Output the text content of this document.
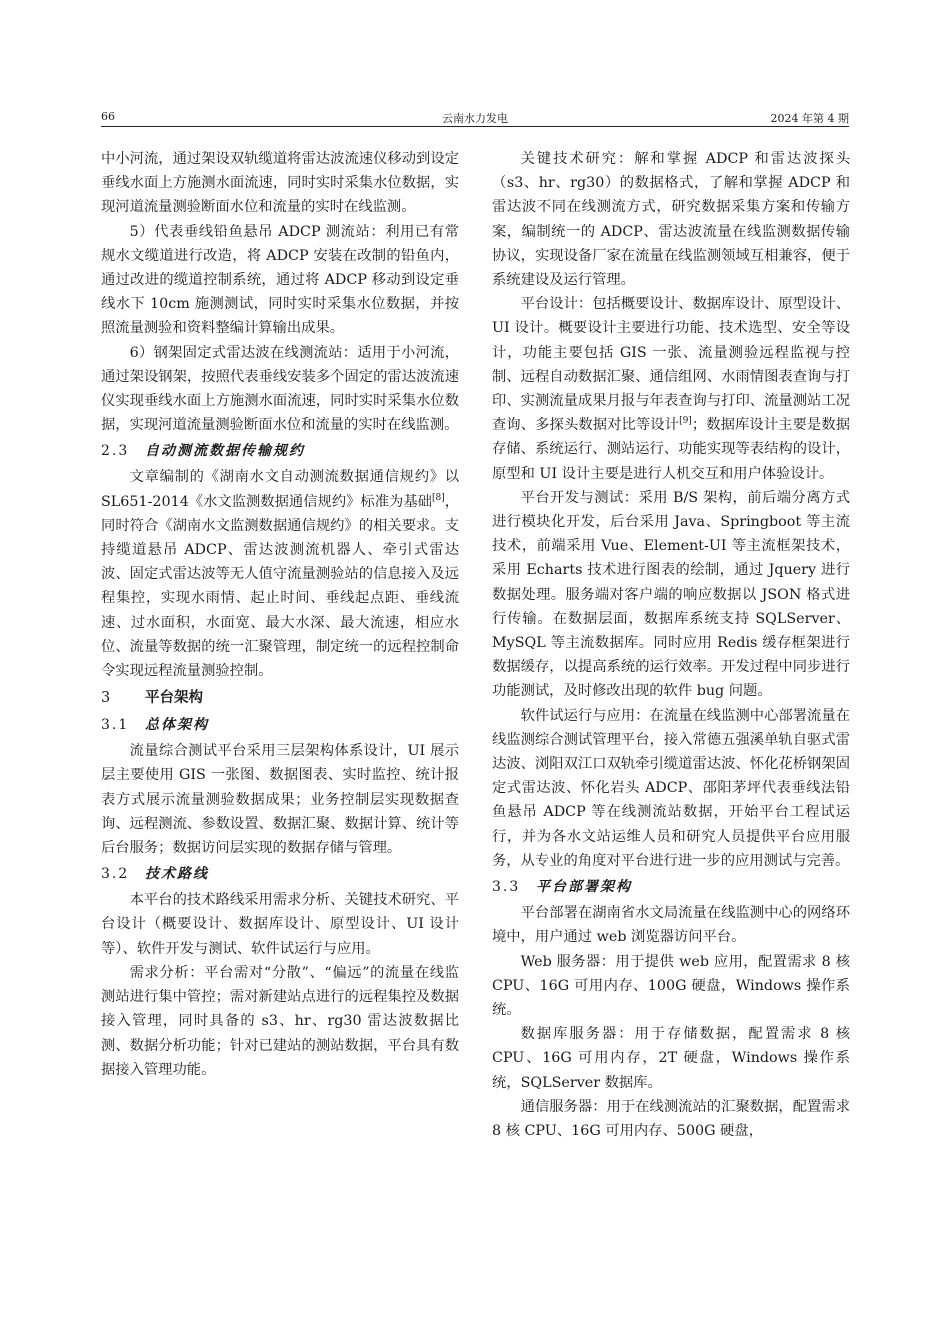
66	云南水力发电	2024 年第 4 期

中小河流，通过架设双轨缆道将雷达波流速仪移动到设定垂线水面上方施测水面流速，同时实时采集水位数据，实现河道流量测验断面水位和流量的实时在线监测。

5）代表垂线铅鱼悬吊 ADCP 测流站：利用已有常规水文缆道进行改造，将 ADCP 安装在改制的铅鱼内，通过改进的缆道控制系统，通过将 ADCP 移动到设定垂线水下 10cm 施测测试，同时实时采集水位数据，并按照流量测验和资料整编计算输出成果。

6）钢架固定式雷达波在线测流站：适用于小河流，通过架设钢架，按照代表垂线安装多个固定的雷达波流速仪实现垂线水面上方施测水面流速，同时实时采集水位数据，实现河道流量测验断面水位和流量的实时在线监测。

2.3 自动测流数据传输规约

文章编制的《湖南水文自动测流数据通信规约》以 SL651-2014《水文监测数据通信规约》标准为基础[8]，同时符合《湖南水文监测数据通信规约》的相关要求。支持缆道悬吊 ADCP、雷达波测流机器人、牵引式雷达波、固定式雷达波等无人值守流量测验站的信息接入及远程集控，实现水雨情、起止时间、垂线起点距、垂线流速、过水面积，水面宽、最大水深、最大流速，相应水位、流量等数据的统一汇聚管理，制定统一的远程控制命令实现远程流量测验控制。

3 平台架构
3.1 总体架构

流量综合测试平台采用三层架构体系设计，UI 展示层主要使用 GIS 一张图、数据图表、实时监控、统计报表方式展示流量测验数据成果；业务控制层实现数据查询、远程测流、参数设置、数据汇聚、数据计算、统计等后台服务；数据访问层实现的数据存储与管理。

3.2 技术路线

本平台的技术路线采用需求分析、关键技术研究、平台设计（概要设计、数据库设计、原型设计、UI 设计等）、软件开发与测试、软件试运行与应用。

需求分析：平台需对“分散”、“偏远”的流量在线监测站进行集中管控；需对新建站点进行的远程集控及数据接入管理，同时具备的 s3、hr、rg30 雷达波数据比测、数据分析功能；针对已建站的测站数据，平台具有数据接入管理功能。

关键技术研究：解和掌握 ADCP 和雷达波探头（s3、hr、rg30）的数据格式，了解和掌握 ADCP 和雷达波不同在线测流方式，研究数据采集方案和传输方案，编制统一的 ADCP、雷达波流量在线监测数据传输协议，实现设备厂家在流量在线监测领域互相兼容，便于系统建设及运行管理。

平台设计：包括概要设计、数据库设计、原型设计、UI 设计。概要设计主要进行功能、技术选型、安全等设计，功能主要包括 GIS 一张、流量测验远程监视与控制、远程自动数据汇聚、通信组网、水雨情图表查询与打印、实测流量成果月报与年表查询与打印、流量测站工况查询、多探头数据对比等设计[9]；数据库设计主要是数据存储、系统运行、测站运行、功能实现等表结构的设计，原型和 UI 设计主要是进行人机交互和用户体验设计。

平台开发与测试：采用 B/S 架构，前后端分离方式进行模块化开发，后台采用 Java、Springboot 等主流技术，前端采用 Vue、Element-UI 等主流框架技术，采用 Echarts 技术进行图表的绘制，通过 Jquery 进行数据处理。服务端对客户端的响应数据以 JSON 格式进行传输。在数据层面，数据库系统支持 SQLServer、MySQL 等主流数据库。同时应用 Redis 缓存框架进行数据缓存，以提高系统的运行效率。开发过程中同步进行功能测试，及时修改出现的软件 bug 问题。

软件试运行与应用：在流量在线监测中心部署流量在线监测综合测试管理平台，接入常德五强溪单轨自驱式雷达波、浏阳双江口双轨牵引缆道雷达波、怀化花桥钢架固定式雷达波、怀化岩头 ADCP、邵阳茅坪代表垂线法铅鱼悬吊 ADCP 等在线测流站数据，开始平台工程试运行，并为各水文站运维人员和研究人员提供平台应用服务，从专业的角度对平台进行进一步的应用测试与完善。

3.3 平台部署架构

平台部署在湖南省水文局流量在线监测中心的网络环境中，用户通过 web 浏览器访问平台。

Web 服务器：用于提供 web 应用，配置需求 8 核 CPU、16G 可用内存、100G 硬盘，Windows 操作系统。

数据库服务器：用于存储数据，配置需求 8 核 CPU、16G 可用内存，2T 硬盘，Windows 操作系统，SQLServer 数据库。

通信服务器：用于在线测流站的汇聚数据，配置需求 8 核 CPU、16G 可用内存、500G 硬盘，
